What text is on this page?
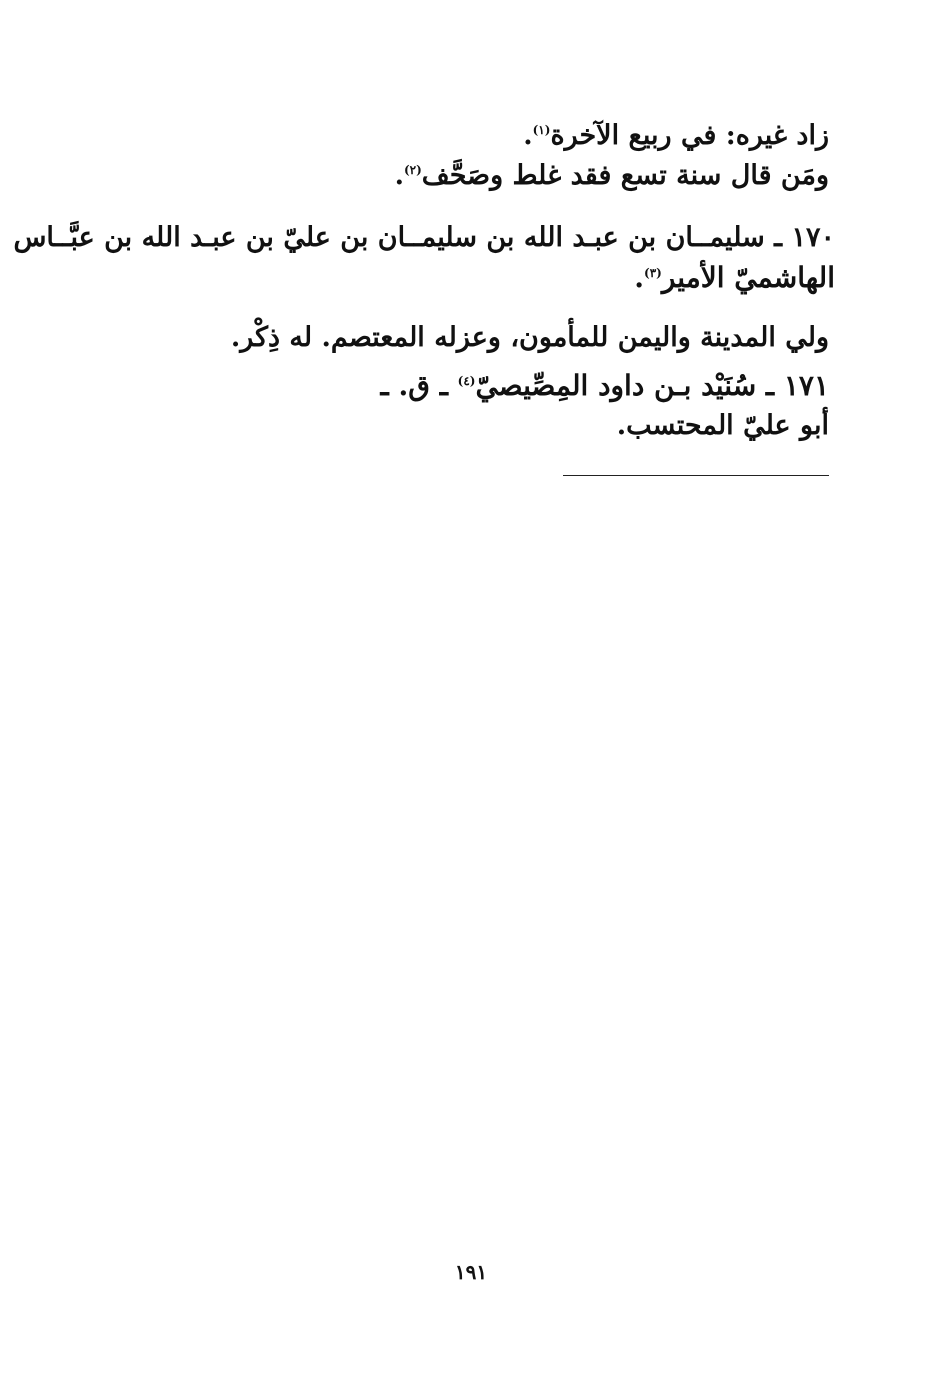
زاد غيره: في ربيع الآخرة$^{(١)}$.
ومَن قال سنة تسع فقد غلط وصَحَّف$^{(٢)}$.
١٧٠ ـ سليمــان بن عبـد الله بن سليمــان بن عليّ بن عبـد الله بن عبَّــاس
الهاشميّ الأمير$^{(٣)}$.
ولي المدينة واليمن للمأمون، وعزله المعتصم. له ذِكْر.
١٧١ ـ سُنَيْد بـن داود المِصِّيصيّ$^{(٤)}$ ـ ق. ـ
أبو عليّ المحتسب.
١٩١
